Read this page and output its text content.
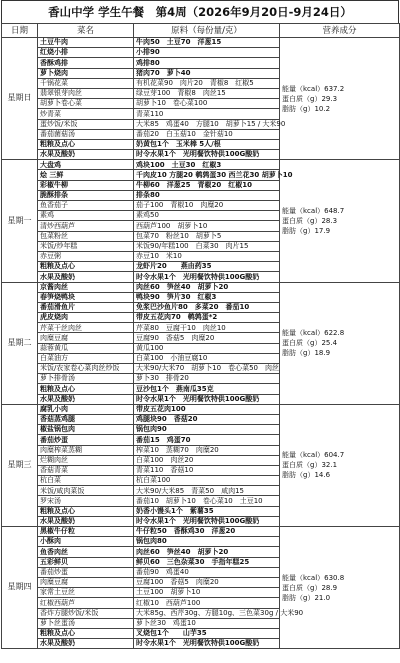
香山中学 学生午餐　第4周（2026年9月20日-9月24日）
日期	菜名	原料（每份量/克）	营养成分
星期日	土豆牛肉	牛肉50　土豆70　洋葱15	能量（kcal）637.2
蛋白质（g）29.3
脂肪（g）10.2

	红烧小排	小排90	
	香酥鸡排	鸡排80	
	萝卜烧肉	猪肉70　萝卜40	
	千锅花菜	有机花菜90　肉片20　青椒8　红椒5	
	翡翠银芽肉丝	绿豆芽100　青椒8　肉丝15	
	胡萝卜卷心菜	胡萝卜10　卷心菜100	
	炒青菜	青菜110	
	蛋炒饭/米饭	大米85　鸡蛋40　方腿10　胡萝卜15 / 大米90	
	番茄菌菇汤	番茄20　白玉菇10　金针菇10	
	粗粮及点心	奶黄包1个　玉米棒 5人/根	
	水果及酸奶	时令水果1个　光明餐饮特供100G酸奶	
星期一	大盘鸡	鸡块100　土豆30　红椒3	能量（kcal）648.7
蛋白质（g）28.3
脂肪（g）17.9

	烩 三鲜	千肉皮10 方腿20 鹌鹑蛋30 西兰花30 胡萝卜10	
	彩椒牛柳	牛柳60　洋葱25　青椒20　红椒10	
	脆酥排条	排条80	
	鱼香茄子	茄子100　青椒10　肉糜20	
	素鸡	素鸡50	
	清炒西葫芦	西葫芦100　胡萝卜10	
	包菜粉丝	包菜70　粉丝10　胡萝卜5	
	米饭/炒年糕	米饭90/年糕100　白菜30　肉片15	
	赤豆粥	赤豆10　米10	
	粗粮及点心	龙虾片20　　燕由药35	
	水果及酸奶	时令水果1个　光明餐饮特供100G酸奶	
星期二	京酱肉丝	肉丝60　笋丝40　胡萝卜20	能量（kcal）622.8
蛋白质（g）25.4
脂肪（g）18.9

	春笋烧鸭块	鸭块90　笋片30　红椒3	
	番茄滑鱼片	免浆巴沙鱼片80　多菜20　番茄10	
	虎皮烧肉	带皮五花肉70　鹌鹑蛋*2	
	芹菜干丝肉丝	芹菜80　豆腐干10　肉丝10	
	肉糜豆腐	豆腐90　香菇5　肉糜20	
	蒜蓉黄瓜	黄瓜100	
	白菜油方	白菜100　小油豆腐10	
	米饭/农家卷心菜肉丝炒饭	大米90/大米70　胡萝卜10　卷心菜50　肉丝	
	萝卜排骨汤	萝卜30　排骨20	
	粗粮及点心	豆沙包1个　燕南瓜35克	
	水果及酸奶	时令水果1个　光明餐饮特供100G酸奶	
星期三	腐乳小肉	带皮五花肉100	能量（kcal）604.7
蛋白质（g）32.1
脂肪（g）14.6

	香菇蒸鸡腿	鸡腿块90　香菇20	
	椒盐锅包肉	锅包肉90	
	番茄炒蛋	番茄15　鸡蛋70	
	肉糜榨菜蒸糊	榨菜10　蒸糊70　肉糜20	
	烂糊肉丝	白菜100　肉丝20	
	香菇青菜	青菜110　香菇10	
	杭白菜	杭白菜100	
	米饭/咸肉菜饭	大米90/大米85　青菜50　咸肉15	
	罗宋汤	番茄10　胡萝卜10　卷心菜10　土豆10	
	粗粮及点心	奶香小馒头1个　紫薯35	
	水果及酸奶	时令水果1个　光明餐饮特供100G酸奶	
星期四	黑椒牛仔粒	牛仔粒50　香酥鸡30　洋葱20	能量（kcal）630.8
蛋白质（g）28.9
脂肪（g）21.0

	小酥肉	锅包肉80	
	鱼香肉丝	肉丝60　笋丝40　胡萝卜20	
	五彩鲜贝	鲜贝60　三色杂菜30　手指年糕25	
	番茄炒蛋	番茄90　鸡蛋40	
	肉糜豆腐	豆腐100　香菇5　肉糜20	
	家常土豆丝	土豆100　胡萝卜10	
	红椒西葫芦	红椒10　西葫芦100	
	香炸方腿炒饭/米饭	大米85g、西芹30g、方腿10g、三色菜30g / 大米90	
	萝卜丝蛋汤	萝卜丝30　鸡蛋10	
	粗粮及点心	叉烧包1个　　山芋35	
	水果及酸奶	时令水果1个　光明餐饮特供100G酸奶	
